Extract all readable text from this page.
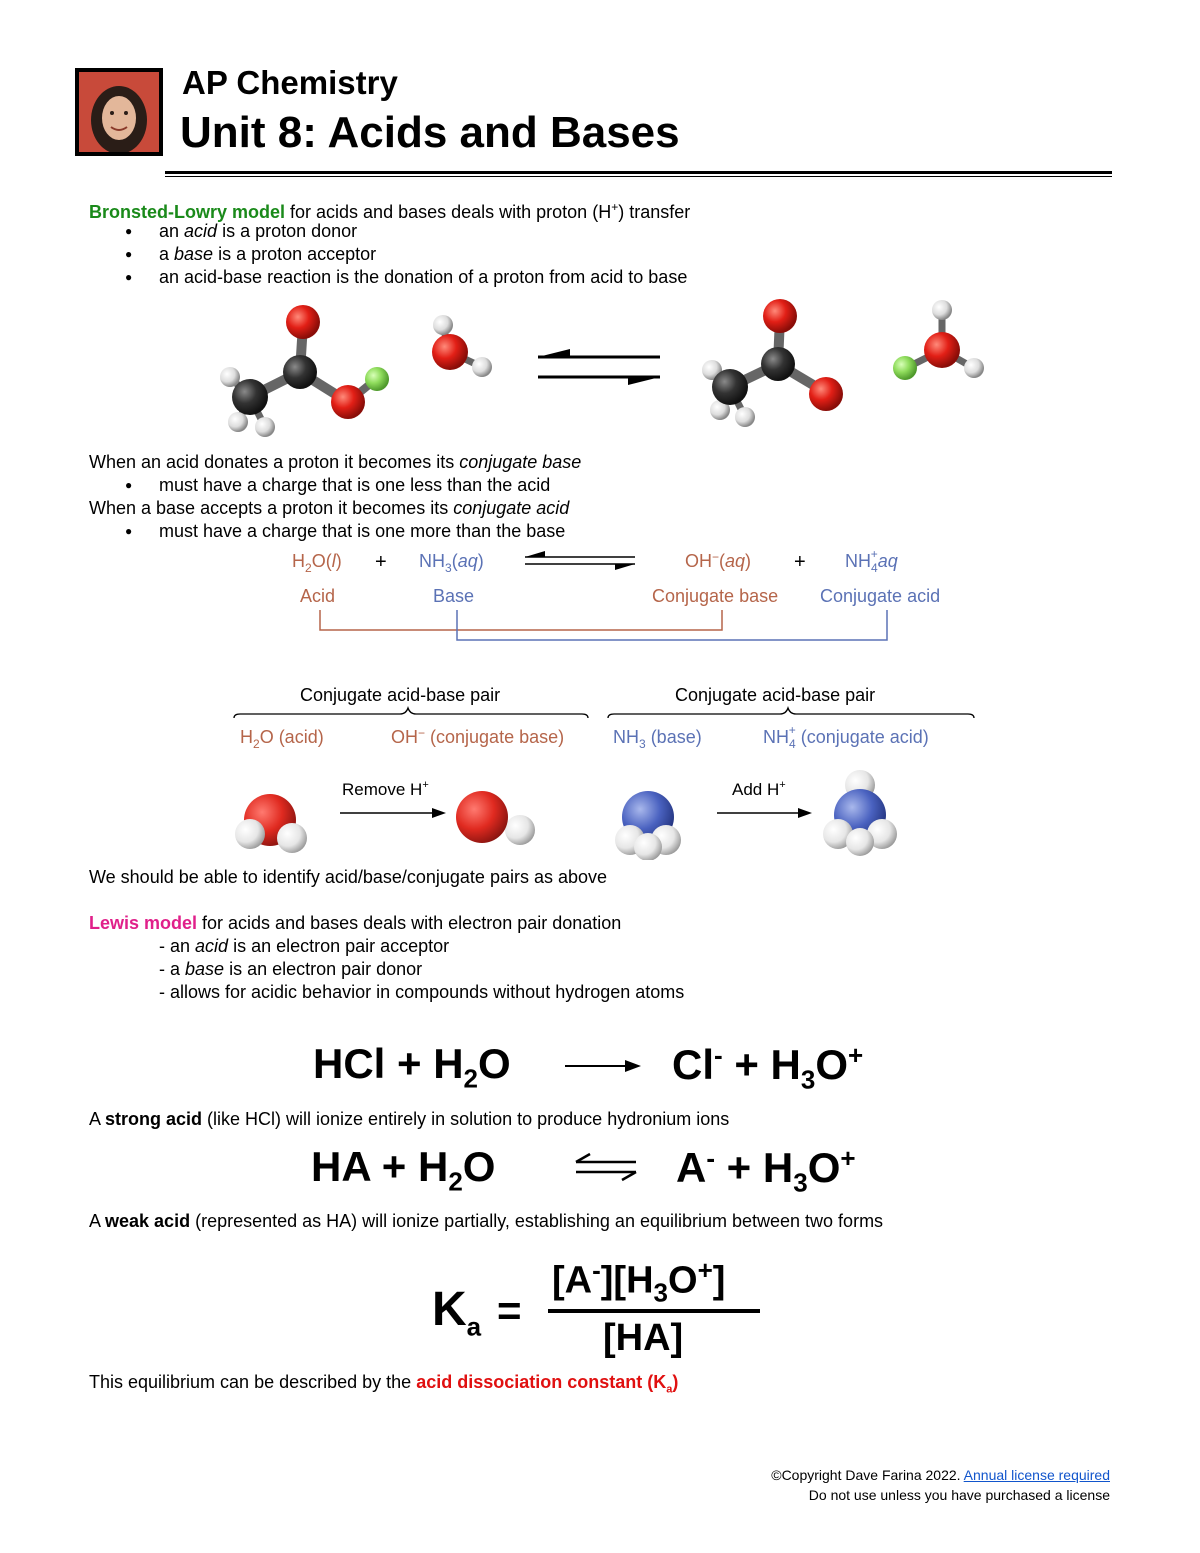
AP Chemistry
Unit 8: Acids and Bases
Bronsted-Lowry model for acids and bases deals with proton (H+) transfer
● an acid is a proton donor
● a base is a proton acceptor
● an acid-base reaction is the donation of a proton from acid to base
When an acid donates a proton it becomes its conjugate base
● must have a charge that is one less than the acid
When a base accepts a proton it becomes its conjugate acid
● must have a charge that is one more than the base
$H_2O(l) + NH_3(aq)$	$OH^-(aq) + NH_4+aq$
Acid	Base	Conjugate base Conjugate acid
Conjugate acid-base pair	Conjugate acid-base pair
$H_2O$ (acid)	OH− (conjugate base)	$NH_3$ (base)	$NH_4+$ (conjugate acid)
Remove H+	Add H+
We should be able to identify acid/base/conjugate pairs as above
Lewis model for acids and bases deals with electron pair donation
- an acid is an electron pair acceptor
- a base is an electron pair donor
- allows for acidic behavior in compounds without hydrogen atoms
HCl + $H_2O$	$Cl^- + H_3O^+$
A strong acid (like HCl) will ionize entirely in solution to produce hydronium ions
HA + $H_2O$	$A^- + H_3O^+$
A weak acid (represented as HA) will ionize partially, establishing an equilibrium between two forms
$K_a$ =
$[A^-][H_3O^+]$
[HA]
This equilibrium can be described by the acid dissociation constant $(K_a)$
©Copyright Dave Farina 2022. Annual license required
Do not use unless you have purchased a license
